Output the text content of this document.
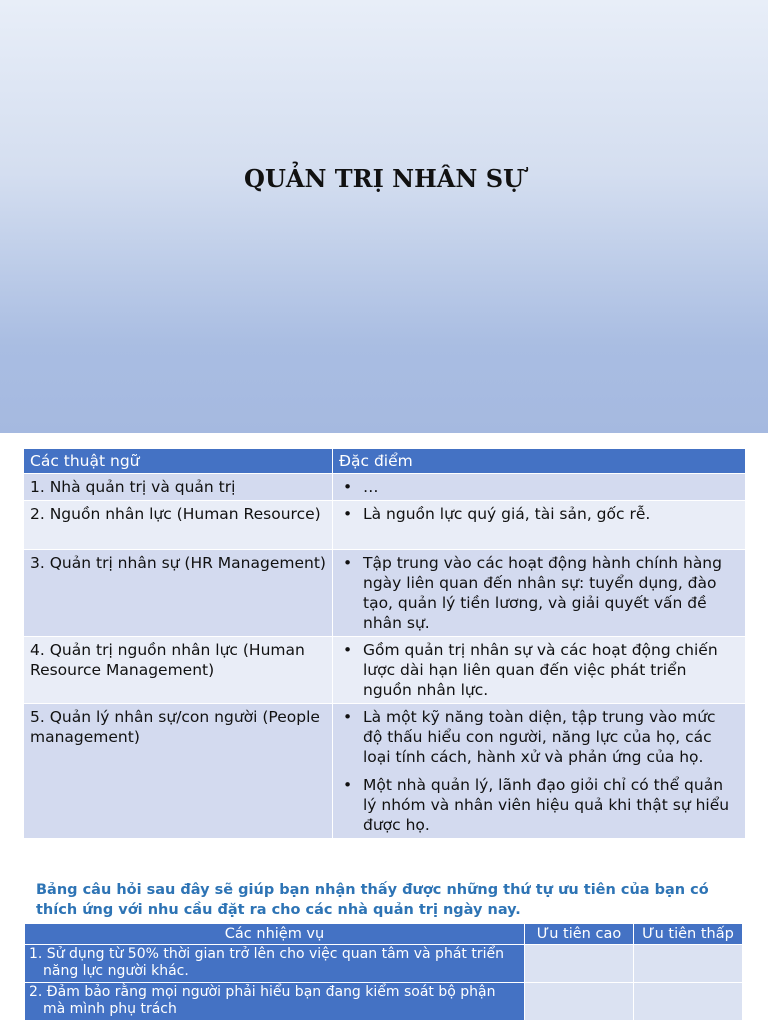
QUẢN TRỊ NHÂN SỰ
Các thuật ngữ	Đặc điểm
1. Nhà quản trị và quản trị	• …

2. Nguồn nhân lực (Human Resource)	• Là nguồn lực quý giá, tài sản, gốc rễ.

3. Quản trị nhân sự (HR Management)	• Tập trung vào các hoạt động hành chính hàng ngày liên quan đến nhân sự: tuyển dụng, đào tạo, quản lý tiền lương, và giải quyết vấn đề nhân sự.

4. Quản trị nguồn nhân lực (Human Resource Management)	• Gồm quản trị nhân sự và các hoạt động chiến lược dài hạn liên quan đến việc phát triển nguồn nhân lực.

5. Quản lý nhân sự/con người (People management)	• Là một kỹ năng toàn diện, tập trung vào mức độ thấu hiểu con người, năng lực của họ, các loại tính cách, hành xử và phản ứng của họ.
• Một nhà quản lý, lãnh đạo giỏi chỉ có thể quản lý nhóm và nhân viên hiệu quả khi thật sự hiểu được họ.
Bảng câu hỏi sau đây sẽ giúp bạn nhận thấy được những thứ tự ưu tiên của bạn có thích ứng với nhu cầu đặt ra cho các nhà quản trị ngày nay.
Các nhiệm vụ	Ưu tiên cao	Ưu tiên thấp
1. Sử dụng từ 50% thời gian trở lên cho việc quan tâm và phát triển năng lực người khác.		
2. Đảm bảo rằng mọi người phải hiểu bạn đang kiểm soát bộ phận mà mình phụ trách		
